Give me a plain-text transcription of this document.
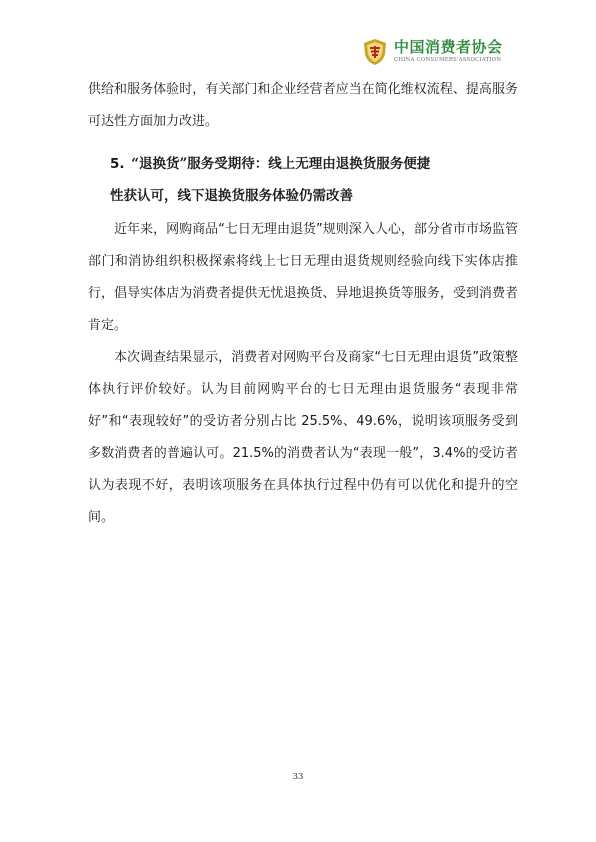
中国消费者协会
CHINA CONSUMERS'ASSOCIATION

供给和服务体验时，有关部门和企业经营者应当在简化维权流程、提高服务可达性方面加力改进。

5. “退换货”服务受期待：线上无理由退换货服务便捷
性获认可，线下退换货服务体验仍需改善

近年来，网购商品“七日无理由退货”规则深入人心，部分省市市场监管部门和消协组织积极探索将线上七日无理由退货规则经验向线下实体店推行，倡导实体店为消费者提供无忧退换货、异地退换货等服务，受到消费者肯定。

本次调查结果显示，消费者对网购平台及商家“七日无理由退货”政策整体执行评价较好。认为目前网购平台的七日无理由退货服务“表现非常好”和“表现较好”的受访者分别占比 25.5%、49.6%，说明该项服务受到多数消费者的普遍认可。21.5%的消费者认为“表现一般”，3.4%的受访者认为表现不好，表明该项服务在具体执行过程中仍有可以优化和提升的空间。

33
